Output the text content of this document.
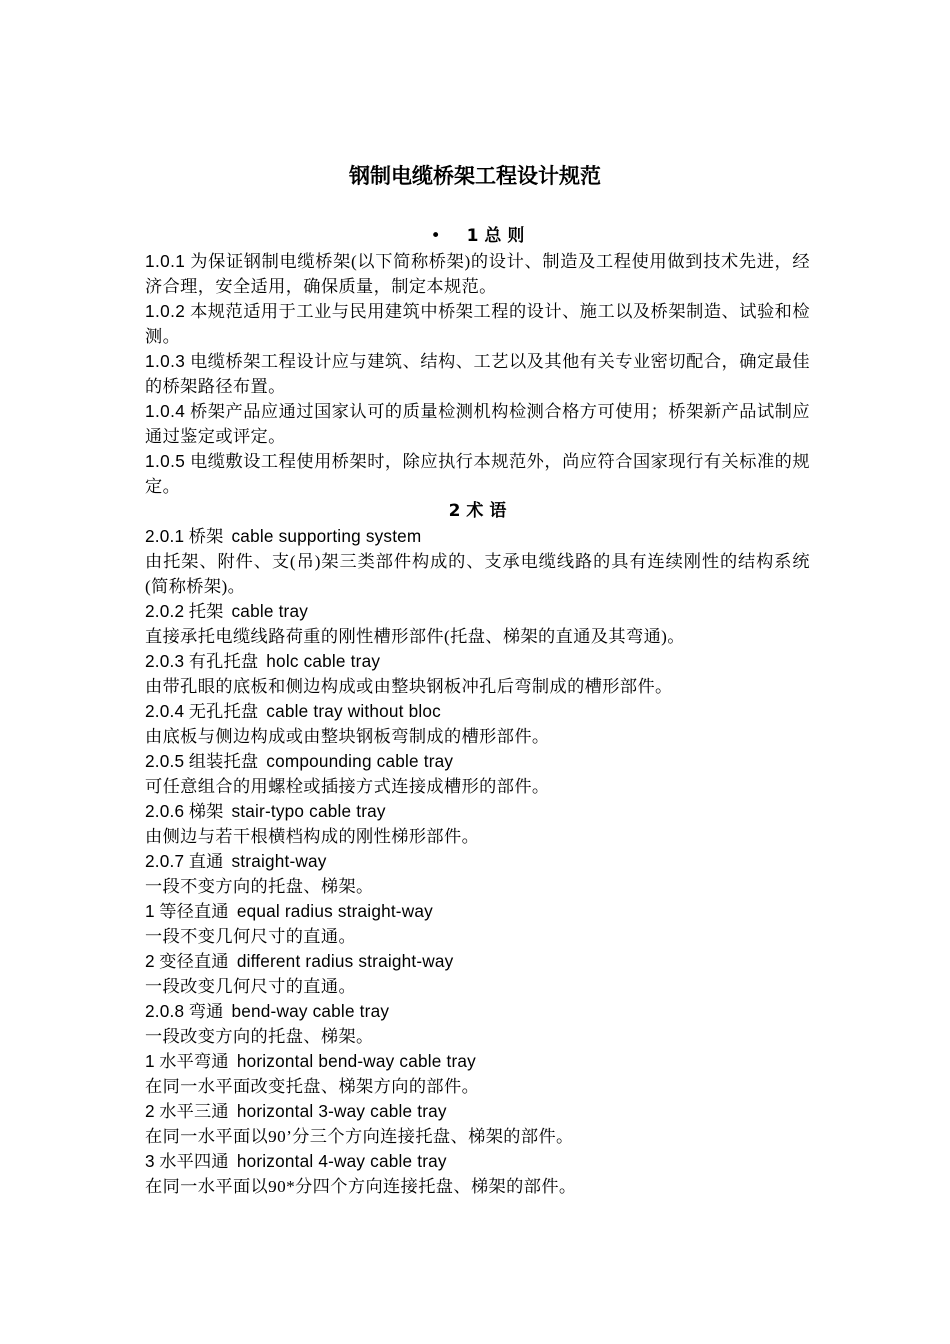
钢制电缆桥架工程设计规范
• 1 总 则
1.0.1 为保证钢制电缆桥架(以下简称桥架)的设计、制造及工程使用做到技术先进，经济合理，安全适用，确保质量，制定本规范。
1.0.2 本规范适用于工业与民用建筑中桥架工程的设计、施工以及桥架制造、试验和检测。
1.0.3 电缆桥架工程设计应与建筑、结构、工艺以及其他有关专业密切配合，确定最佳的桥架路径布置。
1.0.4 桥架产品应通过国家认可的质量检测机构检测合格方可使用；桥架新产品试制应通过鉴定或评定。
1.0.5 电缆敷设工程使用桥架时，除应执行本规范外，尚应符合国家现行有关标准的规定。
2 术 语
2.0.1 桥架 cable supporting system
由托架、附件、支(吊)架三类部件构成的、支承电缆线路的具有连续刚性的结构系统(简称桥架)。
2.0.2 托架 cable tray
直接承托电缆线路荷重的刚性槽形部件(托盘、梯架的直通及其弯通)。
2.0.3 有孔托盘 holc cable tray
由带孔眼的底板和侧边构成或由整块钢板冲孔后弯制成的槽形部件。
2.0.4 无孔托盘 cable tray without bloc
由底板与侧边构成或由整块钢板弯制成的槽形部件。
2.0.5 组装托盘 compounding cable tray
可任意组合的用螺栓或插接方式连接成槽形的部件。
2.0.6 梯架 stair-typo cable tray
由侧边与若干根横档构成的刚性梯形部件。
2.0.7 直通 straight-way
一段不变方向的托盘、梯架。
1 等径直通 equal radius straight-way
一段不变几何尺寸的直通。
2 变径直通 different radius straight-way
一段改变几何尺寸的直通。
2.0.8 弯通 bend-way cable tray
一段改变方向的托盘、梯架。
1 水平弯通 horizontal bend-way cable tray
在同一水平面改变托盘、梯架方向的部件。
2 水平三通 horizontal 3-way cable tray
在同一水平面以90’分三个方向连接托盘、梯架的部件。
3 水平四通 horizontal 4-way cable tray
在同一水平面以90*分四个方向连接托盘、梯架的部件。
